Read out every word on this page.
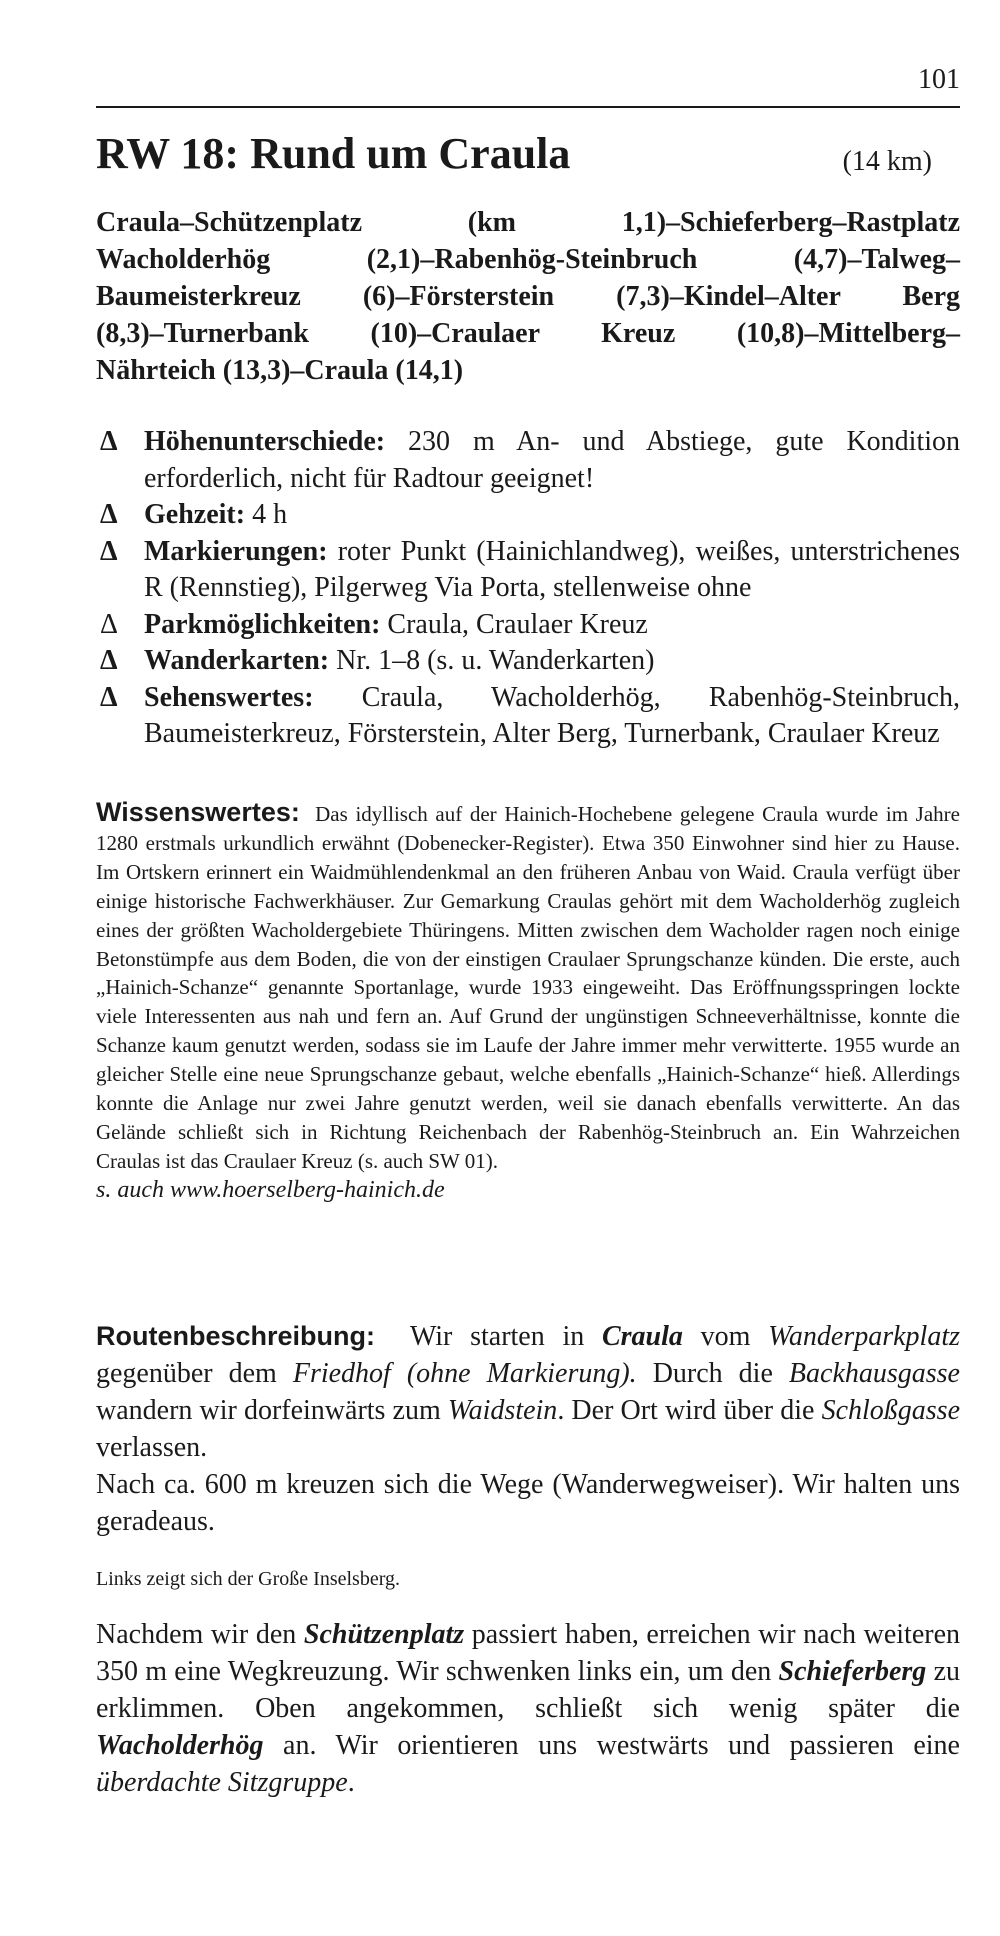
101
RW 18: Rund um Craula	(14 km)
Craula–Schützenplatz (km 1,1)–Schieferberg–Rastplatz
Wacholderhög (2,1)–Rabenhög-Steinbruch (4,7)–Talweg–
Baumeisterkreuz (6)–Försterstein (7,3)–Kindel–Alter Berg
(8,3)–Turnerbank (10)–Craulaer Kreuz (10,8)–Mittelberg–
Nährteich (13,3)–Craula (14,1)
Δ Höhenunterschiede: 230 m An- und Abstiege, gute Kondition erforderlich, nicht für Radtour geeignet!
Δ Gehzeit: 4 h
Δ Markierungen: roter Punkt (Hainichlandweg), weißes, unterstrichenes R (Rennstieg), Pilgerweg Via Porta, stellenweise ohne
Δ Parkmöglichkeiten: Craula, Craulaer Kreuz
Δ Wanderkarten: Nr. 1–8 (s. u. Wanderkarten)
Δ Sehenswertes: Craula, Wacholderhög, Rabenhög-Steinbruch, Baumeisterkreuz, Försterstein, Alter Berg, Turnerbank, Craulaer Kreuz
Wissenswertes: Das idyllisch auf der Hainich-Hochebene gelegene Craula wurde im Jahre 1280 erstmals urkundlich erwähnt (Dobenecker-Register). Etwa 350 Einwohner sind hier zu Hause. Im Ortskern erinnert ein Waidmühlendenkmal an den früheren Anbau von Waid. Craula verfügt über einige historische Fachwerkhäuser. Zur Gemarkung Craulas gehört mit dem Wacholderhög zugleich eines der größten Wacholdergebiete Thüringens. Mitten zwischen dem Wacholder ragen noch einige Betonstümpfe aus dem Boden, die von der einstigen Craulaer Sprungschanze künden. Die erste, auch „Hainich-Schanze“ genannte Sportanlage, wurde 1933 eingeweiht. Das Eröffnungsspringen lockte viele Interessenten aus nah und fern an. Auf Grund der ungünstigen Schneeverhältnisse, konnte die Schanze kaum genutzt werden, sodass sie im Laufe der Jahre immer mehr verwitterte. 1955 wurde an gleicher Stelle eine neue Sprungschanze gebaut, welche ebenfalls „Hainich-Schanze“ hieß. Allerdings konnte die Anlage nur zwei Jahre genutzt werden, weil sie danach ebenfalls verwitterte. An das Gelände schließt sich in Richtung Reichenbach der Rabenhög-Steinbruch an. Ein Wahrzeichen Craulas ist das Craulaer Kreuz (s. auch SW 01).
s. auch www.hoerselberg-hainich.de
Routenbeschreibung: Wir starten in Craula vom Wanderparkplatz gegenüber dem Friedhof (ohne Markierung). Durch die Backhausgasse wandern wir dorfeinwärts zum Waidstein. Der Ort wird über die Schloßgasse verlassen.
Nach ca. 600 m kreuzen sich die Wege (Wanderwegweiser). Wir halten uns geradeaus.
Links zeigt sich der Große Inselsberg.
Nachdem wir den Schützenplatz passiert haben, erreichen wir nach weiteren 350 m eine Wegkreuzung. Wir schwenken links ein, um den Schieferberg zu erklimmen. Oben angekommen, schließt sich wenig später die Wacholderhög an. Wir orientieren uns westwärts und passieren eine überdachte Sitzgruppe.
